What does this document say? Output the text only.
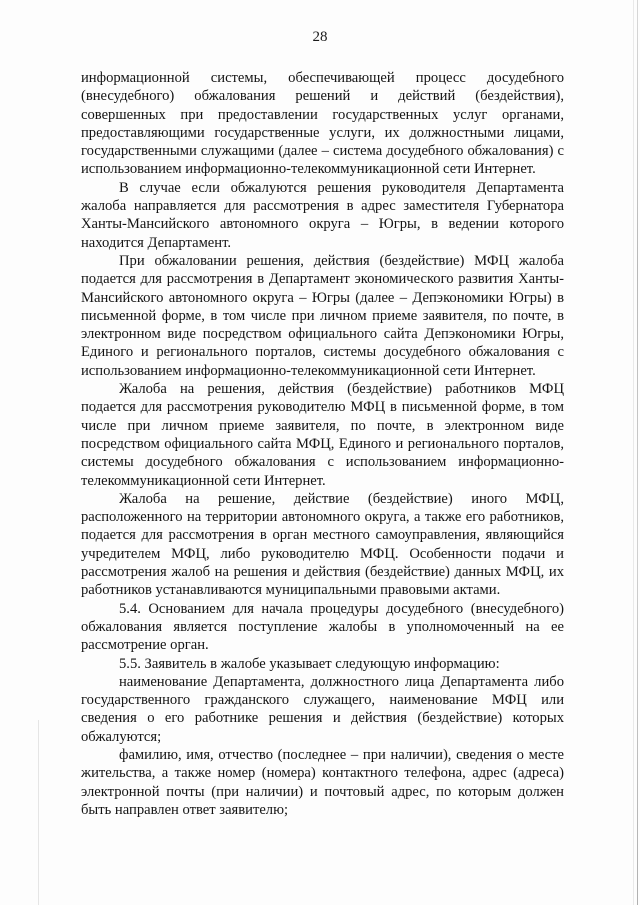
28

информационной системы, обеспечивающей процесс досудебного (внесудебного) обжалования решений и действий (бездействия), совершенных при предоставлении государственных услуг органами, предоставляющими государственные услуги, их должностными лицами, государственными служащими (далее – система досудебного обжалования) с использованием информационно-телекоммуникационной сети Интернет.

В случае если обжалуются решения руководителя Департамента жалоба направляется для рассмотрения в адрес заместителя Губернатора Ханты-Мансийского автономного округа – Югры, в ведении которого находится Департамент.

При обжаловании решения, действия (бездействие) МФЦ жалоба подается для рассмотрения в Департамент экономического развития Ханты-Мансийского автономного округа – Югры (далее – Депэкономики Югры) в письменной форме, в том числе при личном приеме заявителя, по почте, в электронном виде посредством официального сайта Депэкономики Югры, Единого и регионального порталов, системы досудебного обжалования с использованием информационно-телекоммуникационной сети Интернет.

Жалоба на решения, действия (бездействие) работников МФЦ подается для рассмотрения руководителю МФЦ в письменной форме, в том числе при личном приеме заявителя, по почте, в электронном виде посредством официального сайта МФЦ, Единого и регионального порталов, системы досудебного обжалования с использованием информационно-телекоммуникационной сети Интернет.

Жалоба на решение, действие (бездействие) иного МФЦ, расположенного на территории автономного округа, а также его работников, подается для рассмотрения в орган местного самоуправления, являющийся учредителем МФЦ, либо руководителю МФЦ. Особенности подачи и рассмотрения жалоб на решения и действия (бездействие) данных МФЦ, их работников устанавливаются муниципальными правовыми актами.

5.4. Основанием для начала процедуры досудебного (внесудебного) обжалования является поступление жалобы в уполномоченный на ее рассмотрение орган.

5.5. Заявитель в жалобе указывает следующую информацию:

наименование Департамента, должностного лица Департамента либо государственного гражданского служащего, наименование МФЦ или сведения о его работнике решения и действия (бездействие) которых обжалуются;

фамилию, имя, отчество (последнее – при наличии), сведения о месте жительства, а также номер (номера) контактного телефона, адрес (адреса) электронной почты (при наличии) и почтовый адрес, по которым должен быть направлен ответ заявителю;
